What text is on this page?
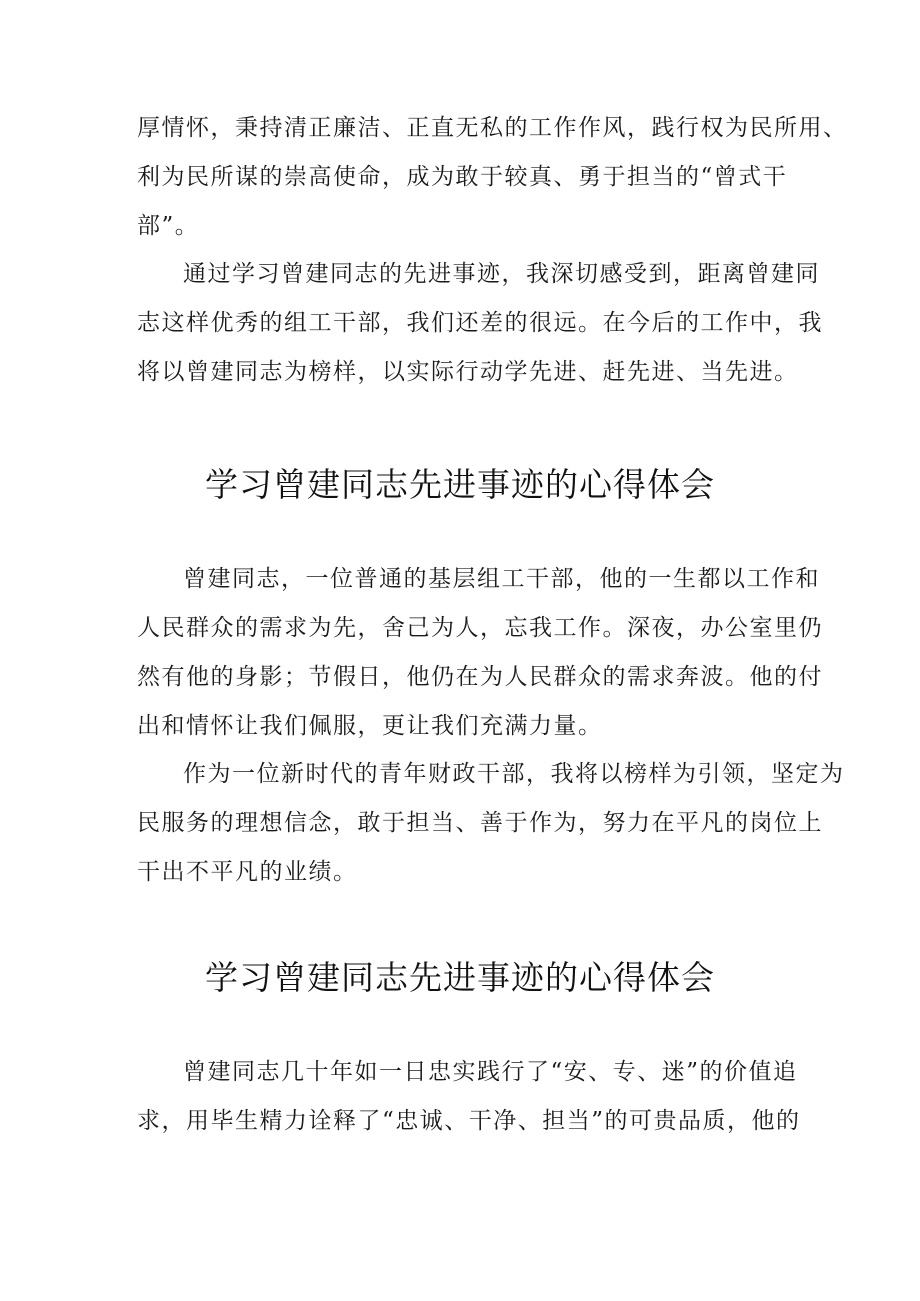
厚情怀，秉持清正廉洁、正直无私的工作作风，践行权为民所用、
利为民所谋的崇高使命，成为敢于较真、勇于担当的“曾式干
部”。
通过学习曾建同志的先进事迹，我深切感受到，距离曾建同
志这样优秀的组工干部，我们还差的很远。在今后的工作中，我
将以曾建同志为榜样，以实际行动学先进、赶先进、当先进。
学习曾建同志先进事迹的心得体会
曾建同志，一位普通的基层组工干部，他的一生都以工作和
人民群众的需求为先，舍己为人，忘我工作。深夜，办公室里仍
然有他的身影；节假日，他仍在为人民群众的需求奔波。他的付
出和情怀让我们佩服，更让我们充满力量。
作为一位新时代的青年财政干部，我将以榜样为引领，坚定为
民服务的理想信念，敢于担当、善于作为，努力在平凡的岗位上
干出不平凡的业绩。
学习曾建同志先进事迹的心得体会
曾建同志几十年如一日忠实践行了“安、专、迷”的价值追
求，用毕生精力诠释了“忠诚、干净、担当”的可贵品质，他的
